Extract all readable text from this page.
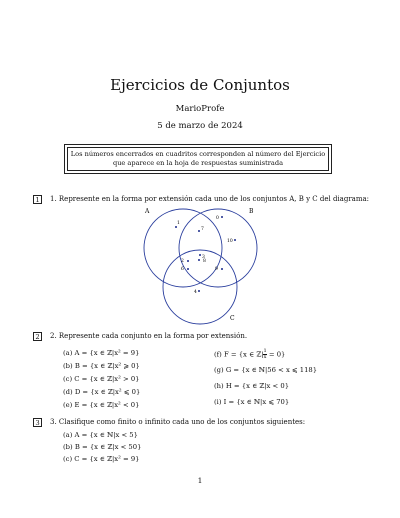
Ejercicios de Conjuntos
MarioProfe
5 de marzo de 2024
Los números encerrados en cuadritos corresponden al número del Ejercicio
que aparece en la hoja de respuestas suministrada
1	1. Represente en la forma por extensión cada uno de los conjuntos A, B y C del diagrama:
A	B
C
1
0
7
10
3
2	8
6	9
4
2	2. Represente cada conjunto en la forma por extensión.
(a) A = {x ∈ ℤ|x² = 9}
(b) B = {x ∈ ℤ|x² ⩾ 0}
(c) C = {x ∈ ℤ|x² > 0}
(d) D = {x ∈ ℤ|x² ⩽ 0}
(e) E = {x ∈ ℤ|x² < 0}
(f) F = {x ∈ ℤ| $\frac{1}{x} = 0$}
(g) G = {x ∈ ℕ|56 < x ⩽ 118}
(h) H = {x ∈ ℤ|x < 0}
(i) I = {x ∈ ℕ|x ⩽ 70}
3	3. Clasifique como finito o infinito cada uno de los conjuntos siguientes:
(a) A = {x ∈ ℕ|x < 5}
(b) B = {x ∈ ℤ|x < 50}
(c) C = {x ∈ ℤ|x² = 9}
1
